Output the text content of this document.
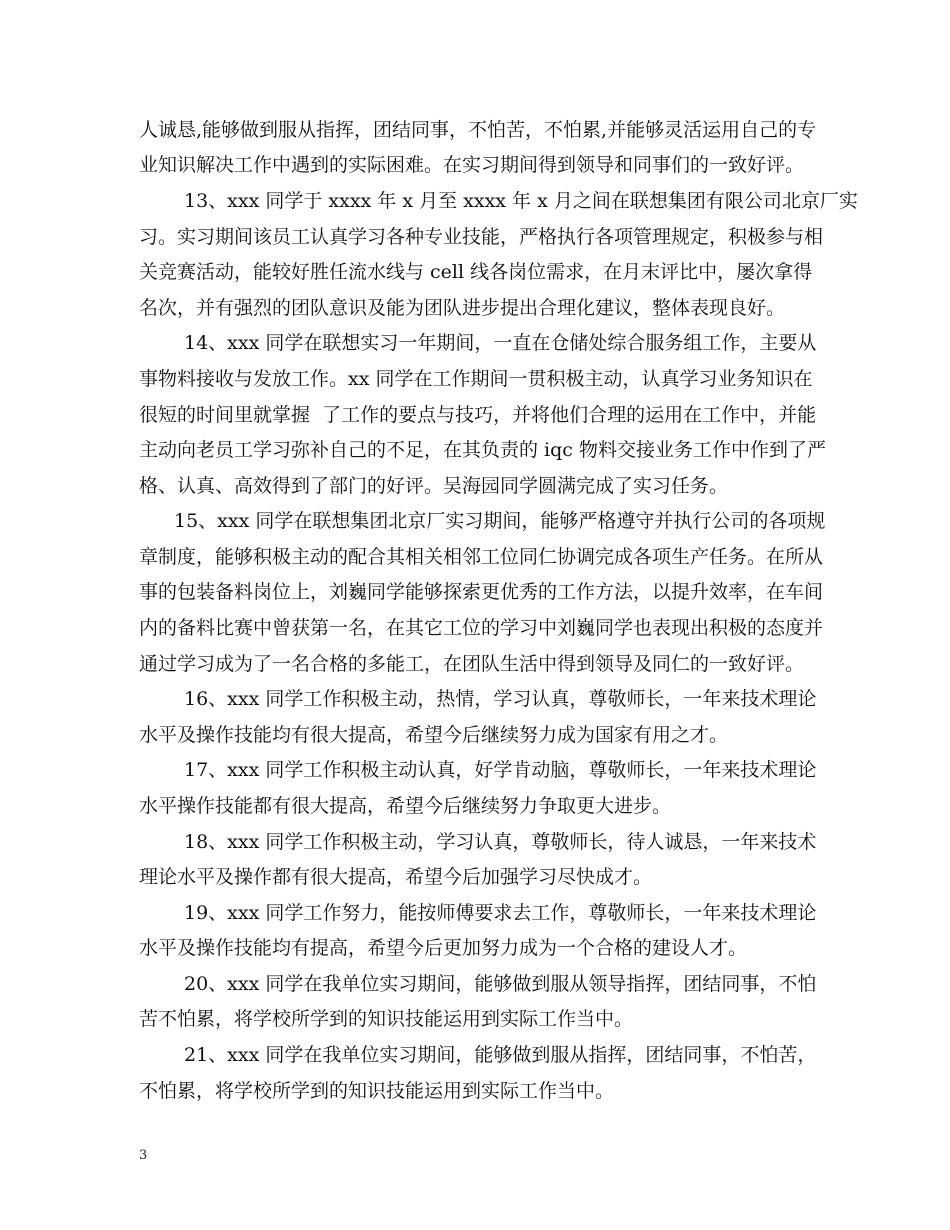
人诚恳,能够做到服从指挥，团结同事，不怕苦，不怕累,并能够灵活运用自己的专
业知识解决工作中遇到的实际困难。在实习期间得到领导和同事们的一致好评。
13、xxx 同学于 xxxx 年 x 月至 xxxx 年 x 月之间在联想集团有限公司北京厂实
习。实习期间该员工认真学习各种专业技能，严格执行各项管理规定，积极参与相
关竞赛活动，能较好胜任流水线与 cell 线各岗位需求，在月末评比中，屡次拿得
名次，并有强烈的团队意识及能为团队进步提出合理化建议，整体表现良好。
14、xxx 同学在联想实习一年期间，一直在仓储处综合服务组工作，主要从
事物料接收与发放工作。xx 同学在工作期间一贯积极主动，认真学习业务知识在
很短的时间里就掌握  了工作的要点与技巧，并将他们合理的运用在工作中，并能
主动向老员工学习弥补自己的不足，在其负责的 iqc 物料交接业务工作中作到了严
格、认真、高效得到了部门的好评。吴海园同学圆满完成了实习任务。
15、xxx 同学在联想集团北京厂实习期间，能够严格遵守并执行公司的各项规
章制度，能够积极主动的配合其相关相邻工位同仁协调完成各项生产任务。在所从
事的包装备料岗位上，刘巍同学能够探索更优秀的工作方法，以提升效率，在车间
内的备料比赛中曾获第一名，在其它工位的学习中刘巍同学也表现出积极的态度并
通过学习成为了一名合格的多能工，在团队生活中得到领导及同仁的一致好评。
16、xxx 同学工作积极主动，热情，学习认真，尊敬师长，一年来技术理论
水平及操作技能均有很大提高，希望今后继续努力成为国家有用之才。
17、xxx 同学工作积极主动认真，好学肯动脑，尊敬师长，一年来技术理论
水平操作技能都有很大提高，希望今后继续努力争取更大进步。
18、xxx 同学工作积极主动，学习认真，尊敬师长，待人诚恳，一年来技术
理论水平及操作都有很大提高，希望今后加强学习尽快成才。
19、xxx 同学工作努力，能按师傅要求去工作，尊敬师长，一年来技术理论
水平及操作技能均有提高，希望今后更加努力成为一个合格的建设人才。
20、xxx 同学在我单位实习期间，能够做到服从领导指挥，团结同事，不怕
苦不怕累，将学校所学到的知识技能运用到实际工作当中。
21、xxx 同学在我单位实习期间，能够做到服从指挥，团结同事，不怕苦，
不怕累，将学校所学到的知识技能运用到实际工作当中。
3
